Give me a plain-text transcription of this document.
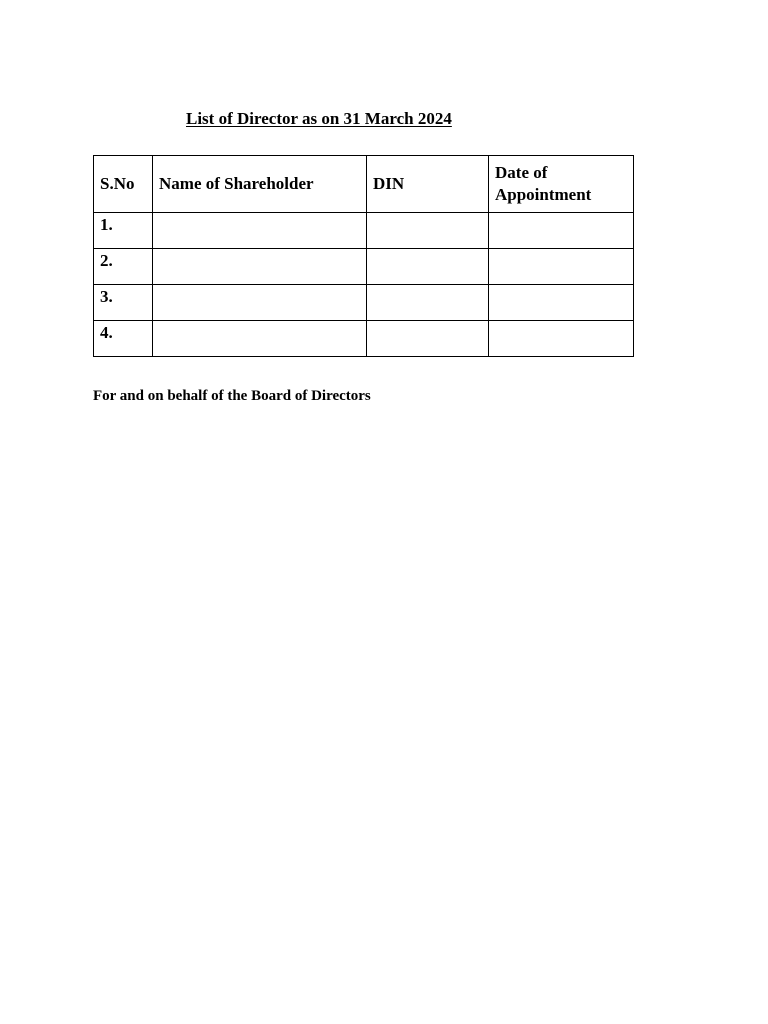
List of Director as on 31 March 2024
S.No	Name of Shareholder	DIN	Date of Appointment
1.			
2.			
3.			
4.			
For and on behalf of the Board of Directors
